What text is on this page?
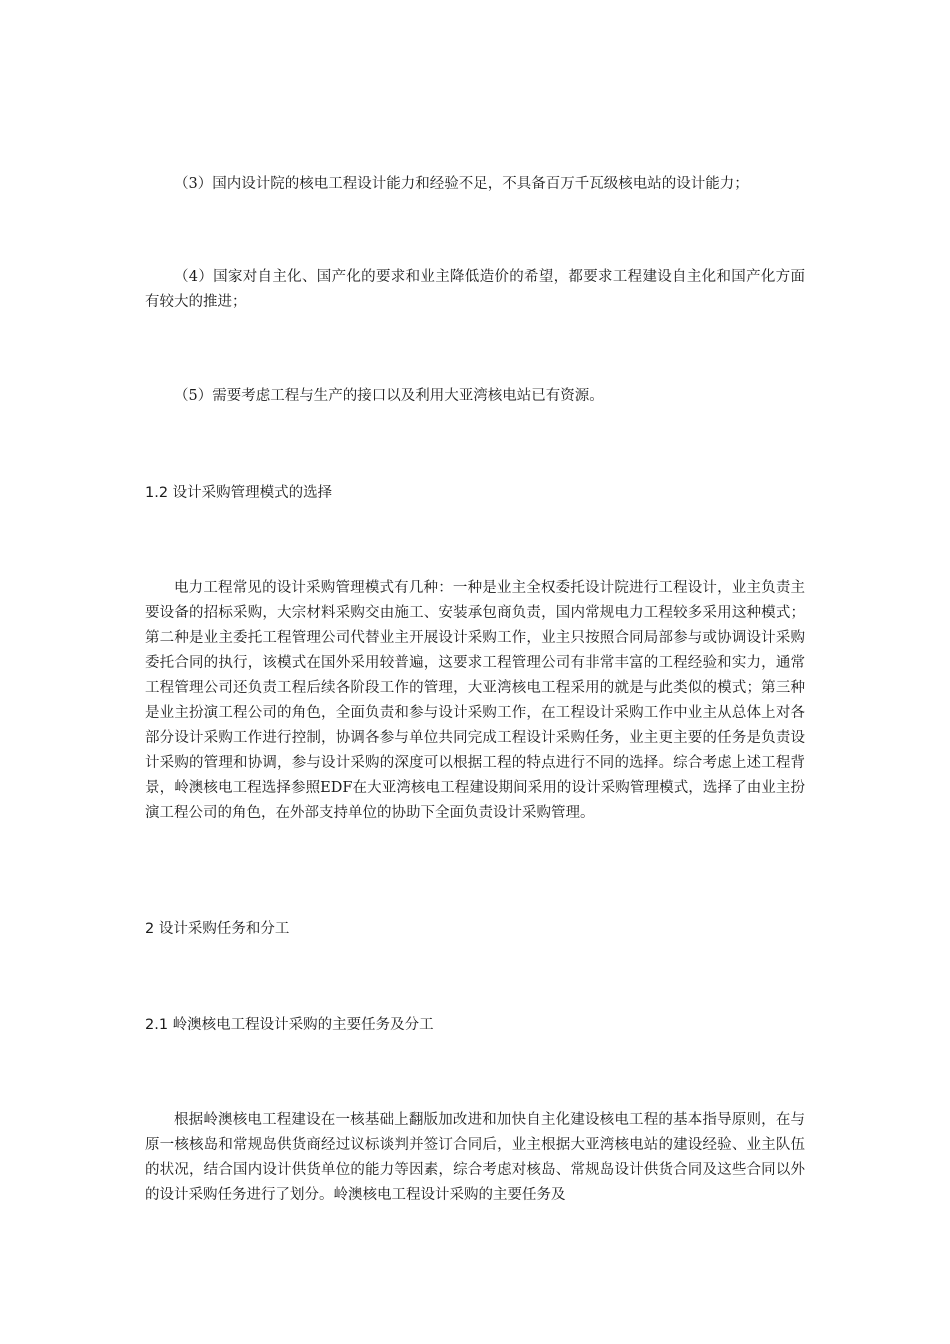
（3）国内设计院的核电工程设计能力和经验不足，不具备百万千瓦级核电站的设计能力；

（4）国家对自主化、国产化的要求和业主降低造价的希望，都要求工程建设自主化和国产化方面有较大的推进；

（5）需要考虑工程与生产的接口以及利用大亚湾核电站已有资源。

1.2 设计采购管理模式的选择

电力工程常见的设计采购管理模式有几种：一种是业主全权委托设计院进行工程设计，业主负责主要设备的招标采购，大宗材料采购交由施工、安装承包商负责，国内常规电力工程较多采用这种模式；第二种是业主委托工程管理公司代替业主开展设计采购工作，业主只按照合同局部参与或协调设计采购委托合同的执行，该模式在国外采用较普遍，这要求工程管理公司有非常丰富的工程经验和实力，通常工程管理公司还负责工程后续各阶段工作的管理，大亚湾核电工程采用的就是与此类似的模式；第三种是业主扮演工程公司的角色，全面负责和参与设计采购工作，在工程设计采购工作中业主从总体上对各部分设计采购工作进行控制，协调各参与单位共同完成工程设计采购任务，业主更主要的任务是负责设计采购的管理和协调，参与设计采购的深度可以根据工程的特点进行不同的选择。综合考虑上述工程背景，岭澳核电工程选择参照EDF在大亚湾核电工程建设期间采用的设计采购管理模式，选择了由业主扮演工程公司的角色，在外部支持单位的协助下全面负责设计采购管理。

2 设计采购任务和分工
2.1 岭澳核电工程设计采购的主要任务及分工

根据岭澳核电工程建设在一核基础上翻版加改进和加快自主化建设核电工程的基本指导原则，在与原一核核岛和常规岛供货商经过议标谈判并签订合同后，业主根据大亚湾核电站的建设经验、业主队伍的状况，结合国内设计供货单位的能力等因素，综合考虑对核岛、常规岛设计供货合同及这些合同以外的设计采购任务进行了划分。岭澳核电工程设计采购的主要任务及
